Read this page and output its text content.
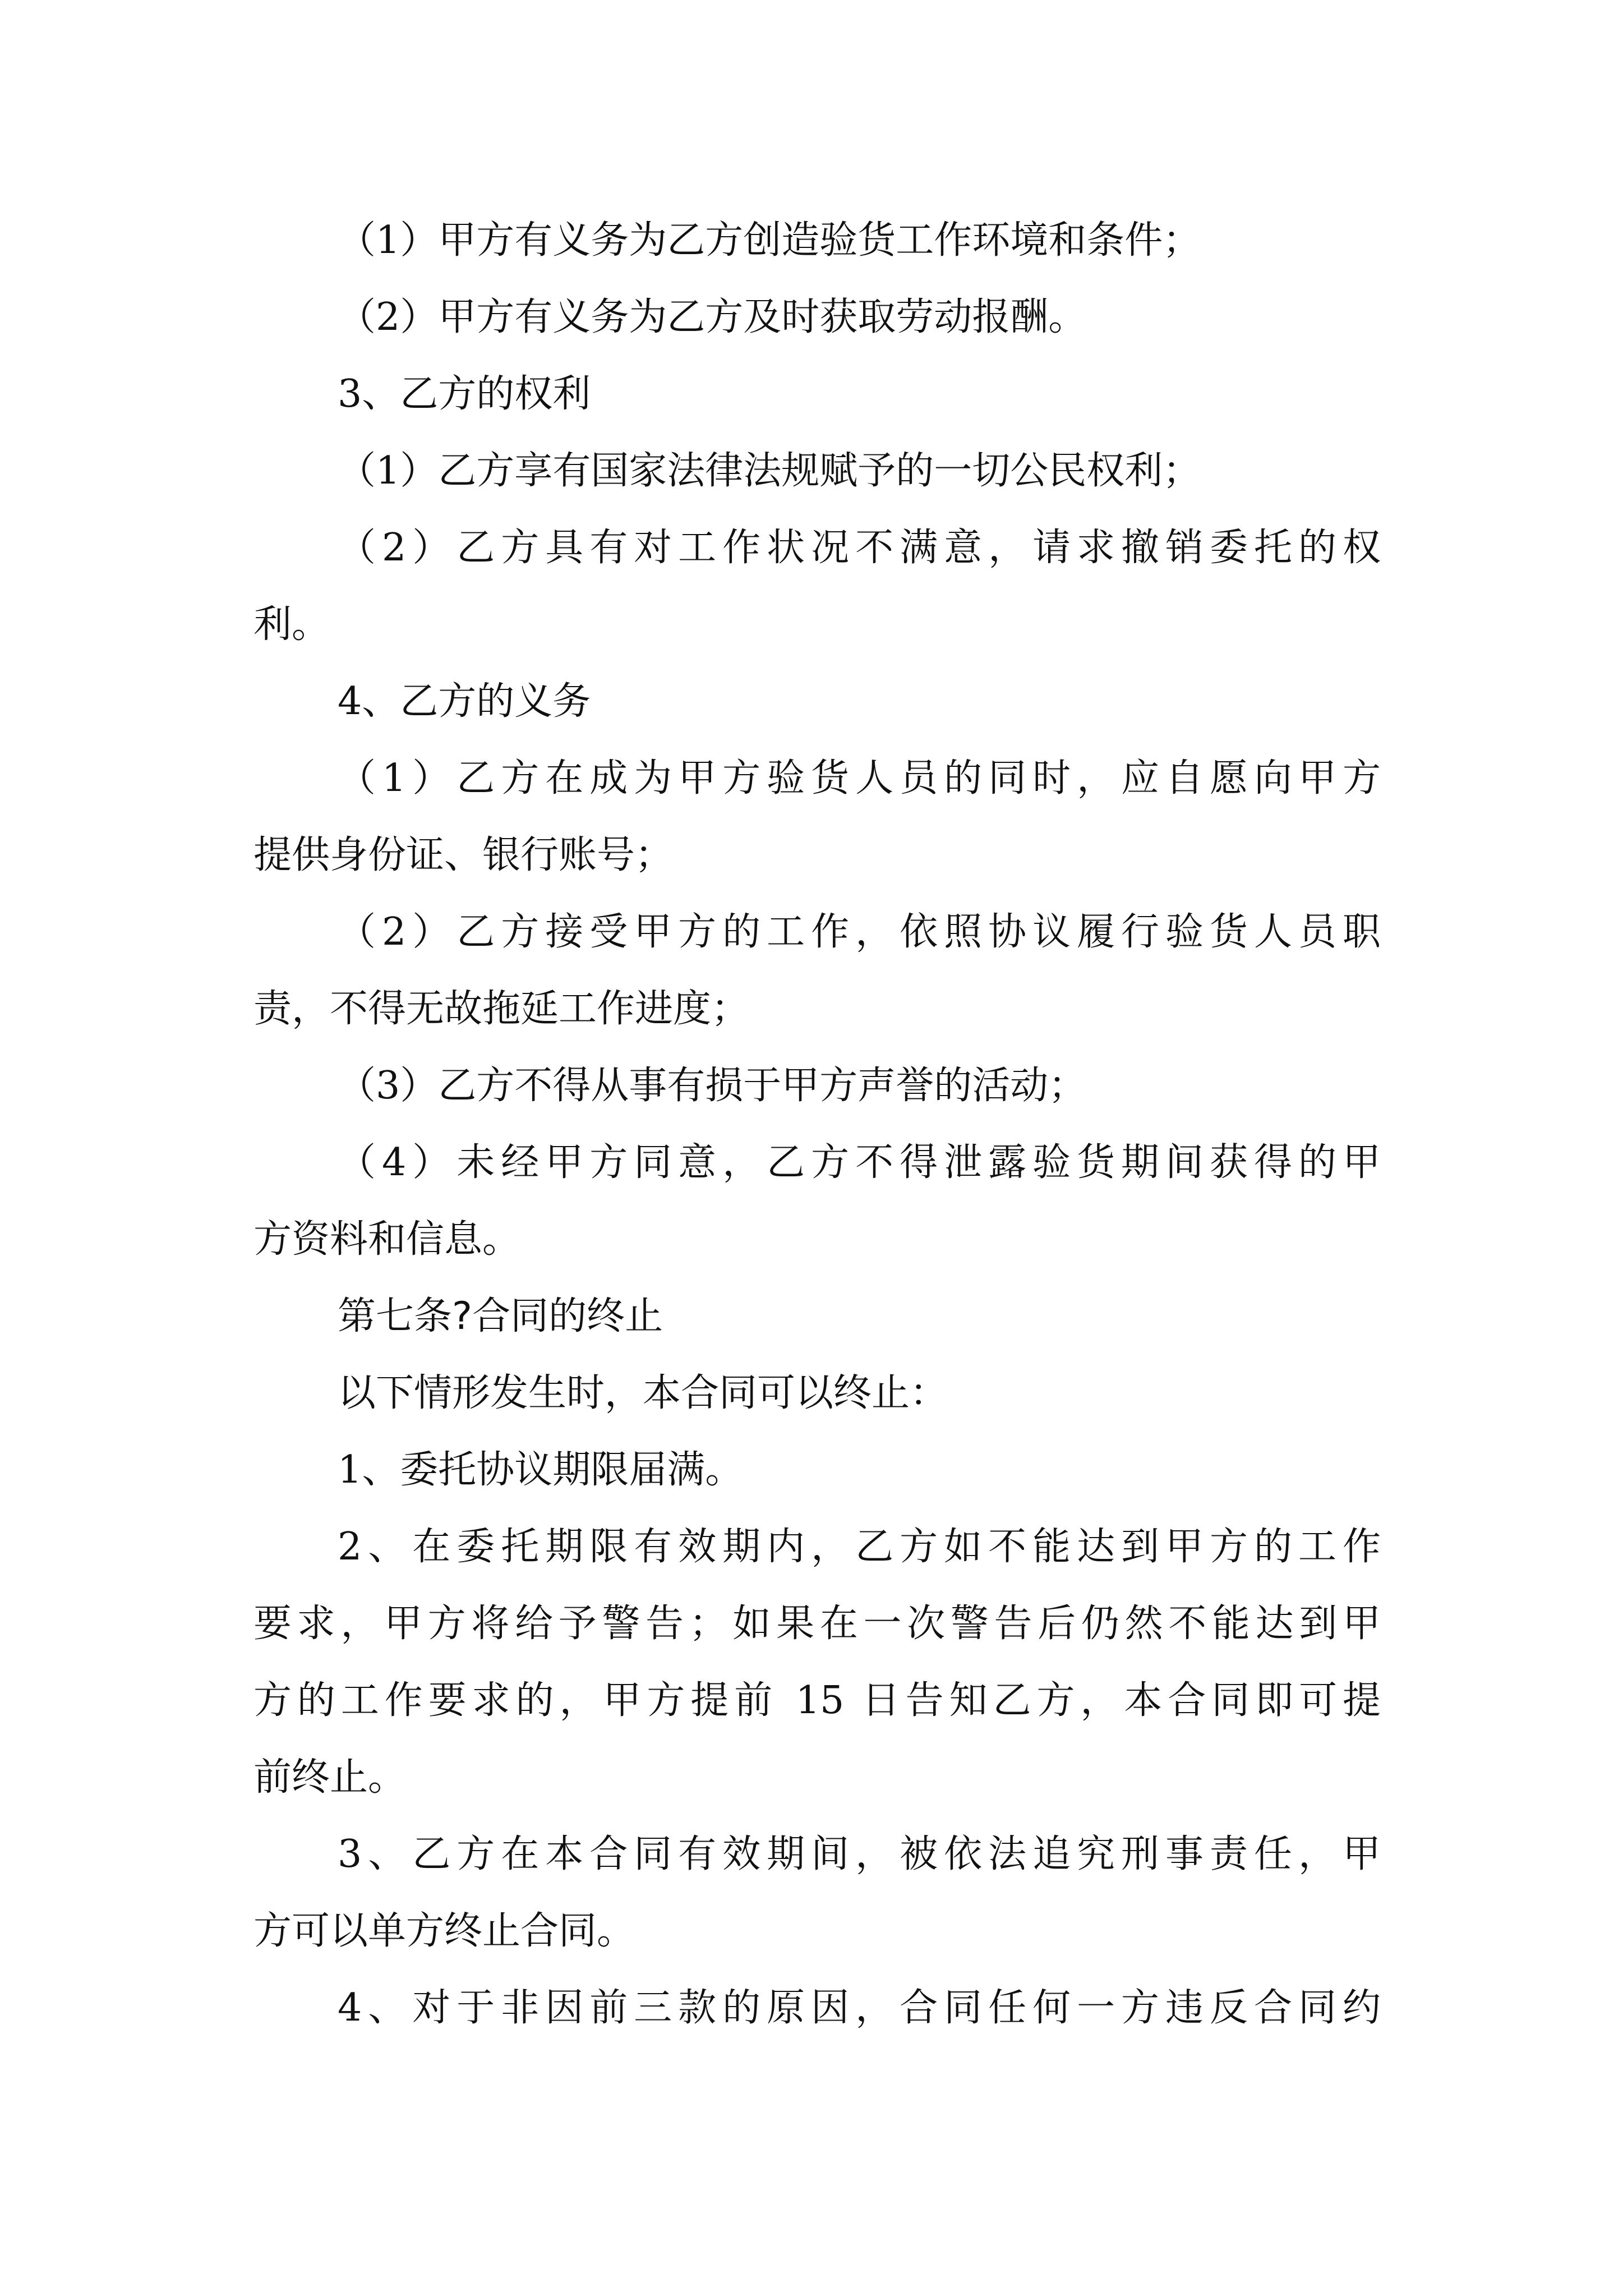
（1）甲方有义务为乙方创造验货工作环境和条件；
（2）甲方有义务为乙方及时获取劳动报酬。
3、乙方的权利
（1）乙方享有国家法律法规赋予的一切公民权利；
（2）乙方具有对工作状况不满意，请求撤销委托的权
利。
4、乙方的义务
（1）乙方在成为甲方验货人员的同时，应自愿向甲方
提供身份证、银行账号；
（2）乙方接受甲方的工作，依照协议履行验货人员职
责，不得无故拖延工作进度；
（3）乙方不得从事有损于甲方声誉的活动；
（4）未经甲方同意，乙方不得泄露验货期间获得的甲
方资料和信息。
第七条?合同的终止
以下情形发生时，本合同可以终止：
1、委托协议期限届满。
2、在委托期限有效期内，乙方如不能达到甲方的工作
要求，甲方将给予警告；如果在一次警告后仍然不能达到甲
方的工作要求的，甲方提前 15 日告知乙方，本合同即可提
前终止。
3、乙方在本合同有效期间，被依法追究刑事责任，甲
方可以单方终止合同。
4、对于非因前三款的原因，合同任何一方违反合同约
